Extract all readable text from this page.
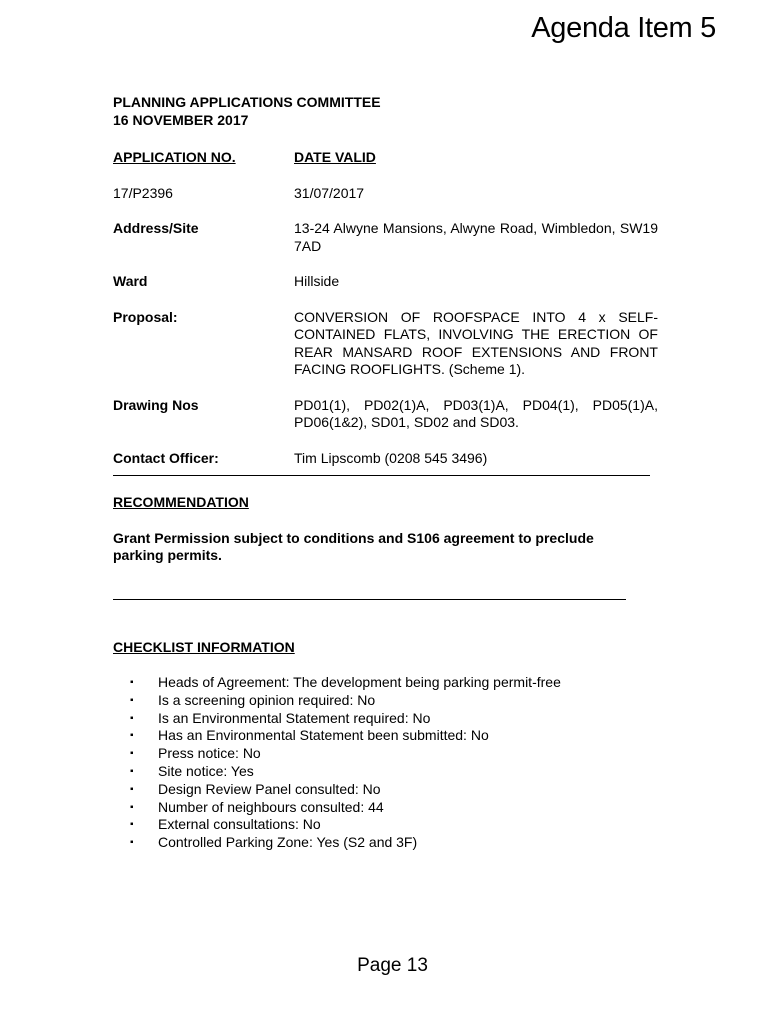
Agenda Item 5
PLANNING APPLICATIONS COMMITTEE
16 NOVEMBER 2017
APPLICATION NO.	DATE VALID
17/P2396	31/07/2017
Address/Site	13-24 Alwyne Mansions, Alwyne Road, Wimbledon, SW19 7AD
Ward	Hillside
Proposal:	CONVERSION OF ROOFSPACE INTO 4 x SELF-CONTAINED FLATS, INVOLVING THE ERECTION OF REAR MANSARD ROOF EXTENSIONS AND FRONT FACING ROOFLIGHTS. (Scheme 1).
Drawing Nos	PD01(1), PD02(1)A, PD03(1)A, PD04(1), PD05(1)A, PD06(1&2), SD01, SD02 and SD03.
Contact Officer:	Tim Lipscomb (0208 545 3496)
RECOMMENDATION
Grant Permission subject to conditions and S106 agreement to preclude parking permits.
CHECKLIST INFORMATION
▪	Heads of Agreement: The development being parking permit-free
▪	Is a screening opinion required: No
▪	Is an Environmental Statement required: No
▪	Has an Environmental Statement been submitted: No
▪	Press notice: No
▪	Site notice: Yes
▪	Design Review Panel consulted: No
▪	Number of neighbours consulted: 44
▪	External consultations: No
▪	Controlled Parking Zone: Yes (S2 and 3F)
Page 13
